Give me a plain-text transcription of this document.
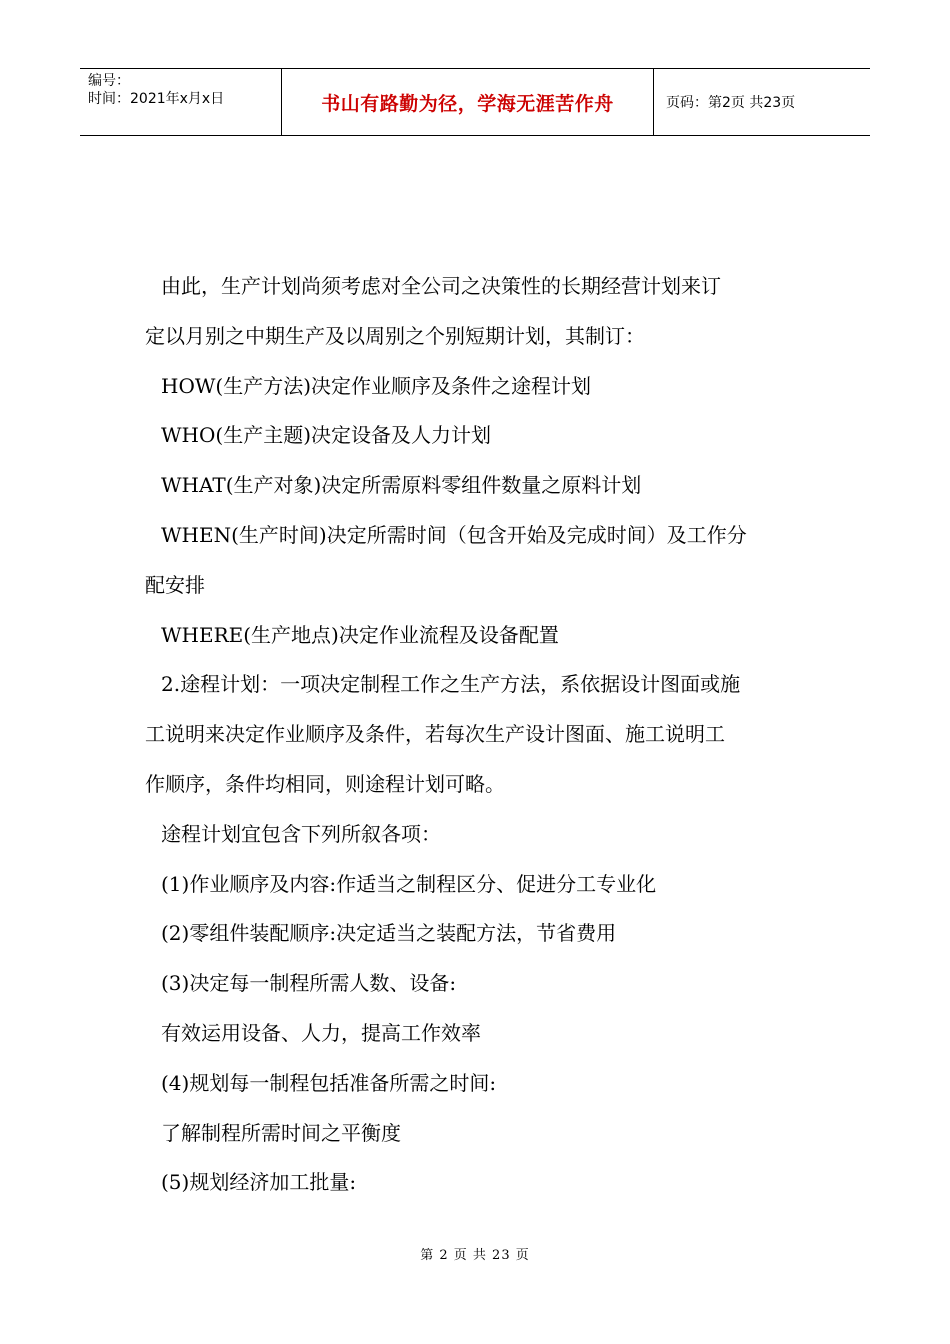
编号：
时间：2021年x月x日	书山有路勤为径，学海无涯苦作舟	页码：第2页 共23页

由此，生产计划尚须考虑对全公司之决策性的长期经营计划来订

定以月别之中期生产及以周别之个别短期计划，其制订：

HOW(生产方法)决定作业顺序及条件之途程计划

WHO(生产主题)决定设备及人力计划

WHAT(生产对象)决定所需原料零组件数量之原料计划

WHEN(生产时间)决定所需时间（包含开始及完成时间）及工作分

配安排

WHERE(生产地点)决定作业流程及设备配置

2.途程计划：一项决定制程工作之生产方法，系依据设计图面或施

工说明来决定作业顺序及条件，若每次生产设计图面、施工说明工

作顺序，条件均相同，则途程计划可略。

途程计划宜包含下列所叙各项：

(1)作业顺序及内容:作适当之制程区分、促进分工专业化

(2)零组件装配顺序:决定适当之装配方法，节省费用

(3)决定每一制程所需人数、设备:

有效运用设备、人力，提高工作效率

(4)规划每一制程包括准备所需之时间:

了解制程所需时间之平衡度

(5)规划经济加工批量:

第 2 页 共 23 页
